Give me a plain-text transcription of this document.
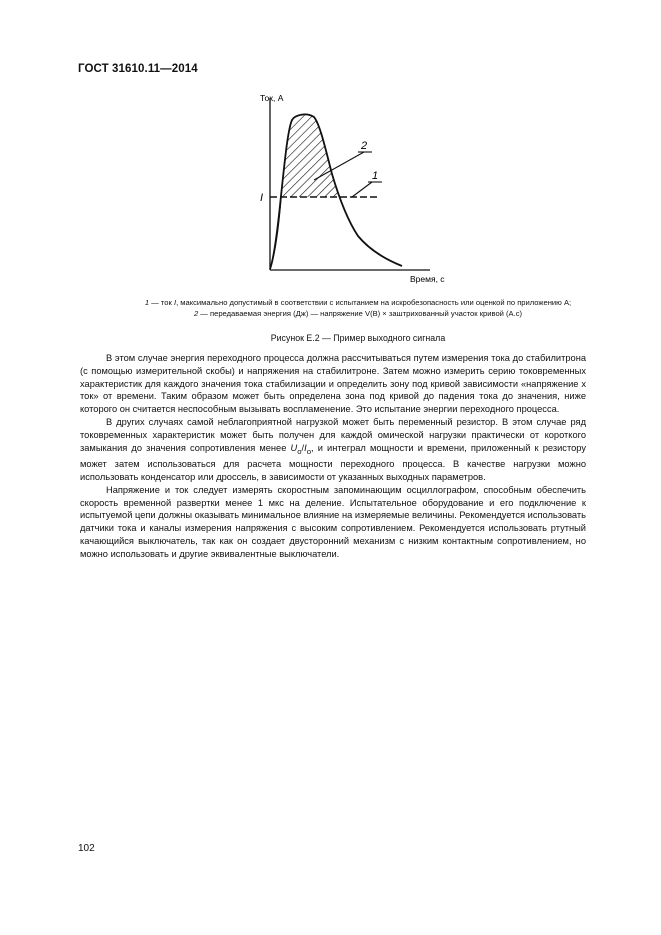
ГОСТ 31610.11—2014
2
1
Ток, А
Время, с
I
1 — ток I, максимально допустимый в соответствии с испытанием на искробезопасность или оценкой по приложению А;
2 — передаваемая энергия (Дж) — напряжение V(В) × заштрихованный участок кривой (А.с)
Рисунок Е.2 — Пример выходного сигнала

В этом случае энергия переходного процесса должна рассчитываться путем измерения тока до стабилитрона (с помощью измерительной скобы) и напряжения на стабилитроне. Затем можно измерить серию токовременных характеристик для каждого значения тока стабилизации и определить зону под кривой зависимости «напряжение х ток» от времени. Таким образом может быть определена зона под кривой до падения тока до значения, ниже которого он считается неспособным вызывать воспламенение. Это испытание энергии переходного процесса.

В других случаях самой неблагоприятной нагрузкой может быть переменный резистор. В этом случае ряд токовременных характеристик может быть получен для каждой омической нагрузки практически от короткого замыкания до значения сопротивления менее $U_o/I_o$, и интеграл мощности и времени, приложенный к резистору может затем использоваться для расчета мощности переходного процесса. В качестве нагрузки можно использовать конденсатор или дроссель, в зависимости от указанных выходных параметров.

Напряжение и ток следует измерять скоростным запоминающим осциллографом, способным обеспечить скорость временной развертки менее 1 мкс на деление. Испытательное оборудование и его подключение к испытуемой цепи должны оказывать минимальное влияние на измеряемые величины. Рекомендуется использовать датчики тока и каналы измерения напряжения с высоким сопротивлением. Рекомендуется использовать ртутный качающийся выключатель, так как он создает двусторонний механизм с низким контактным сопротивлением, но можно использовать и другие эквивалентные выключатели.

102
